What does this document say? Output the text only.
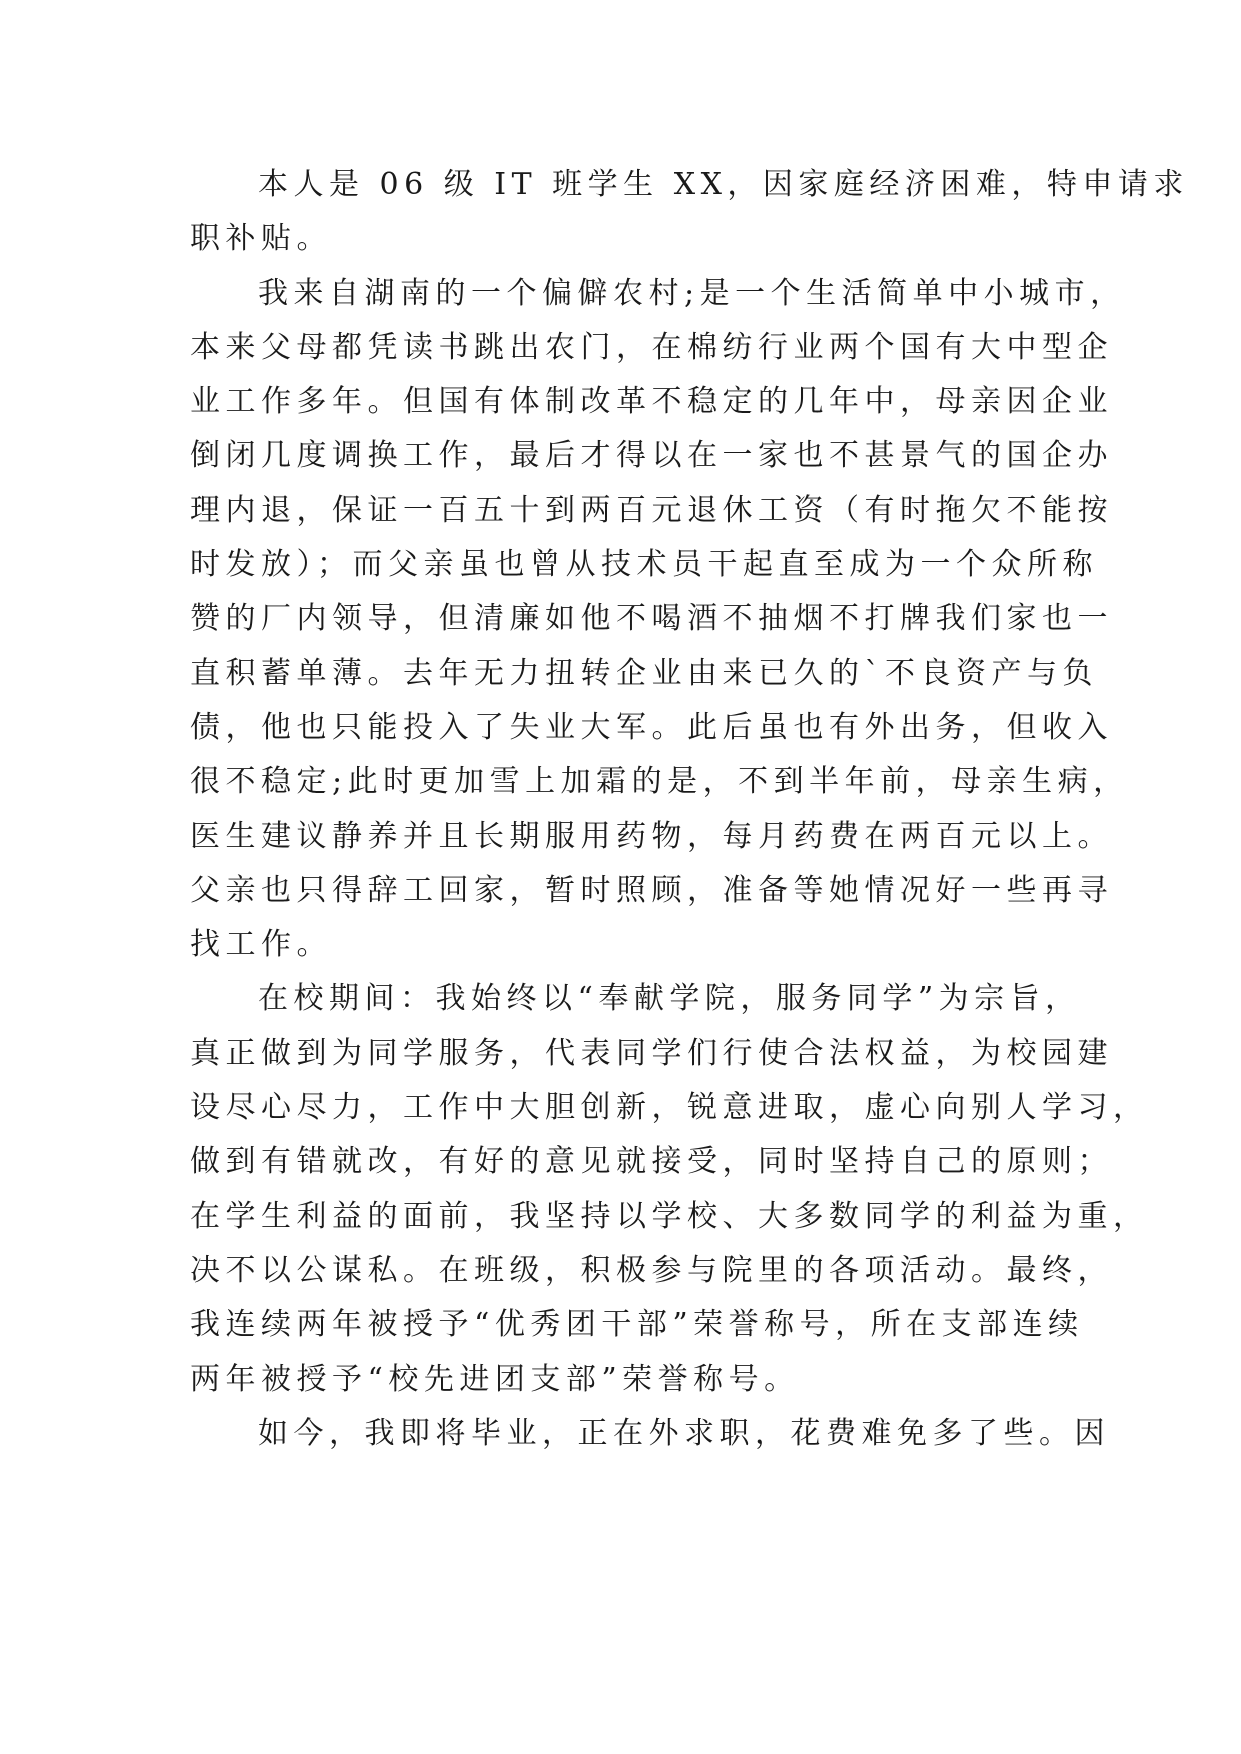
本人是 06 级 IT 班学生 XX，因家庭经济困难，特申请求
职补贴。
我来自湖南的一个偏僻农村;是一个生活简单中小城市，
本来父母都凭读书跳出农门，在棉纺行业两个国有大中型企
业工作多年。但国有体制改革不稳定的几年中，母亲因企业
倒闭几度调换工作，最后才得以在一家也不甚景气的国企办
理内退，保证一百五十到两百元退休工资（有时拖欠不能按
时发放）；而父亲虽也曾从技术员干起直至成为一个众所称
赞的厂内领导，但清廉如他不喝酒不抽烟不打牌我们家也一
直积蓄单薄。去年无力扭转企业由来已久的`不良资产与负
债，他也只能投入了失业大军。此后虽也有外出务，但收入
很不稳定;此时更加雪上加霜的是，不到半年前，母亲生病，
医生建议静养并且长期服用药物，每月药费在两百元以上。
父亲也只得辞工回家，暂时照顾，准备等她情况好一些再寻
找工作。
在校期间：我始终以“奉献学院，服务同学”为宗旨，
真正做到为同学服务，代表同学们行使合法权益，为校园建
设尽心尽力，工作中大胆创新，锐意进取，虚心向别人学习，
做到有错就改，有好的意见就接受，同时坚持自己的原则；
在学生利益的面前，我坚持以学校、大多数同学的利益为重，
决不以公谋私。在班级，积极参与院里的各项活动。最终，
我连续两年被授予“优秀团干部”荣誉称号，所在支部连续
两年被授予“校先进团支部”荣誉称号。
如今，我即将毕业，正在外求职，花费难免多了些。因
